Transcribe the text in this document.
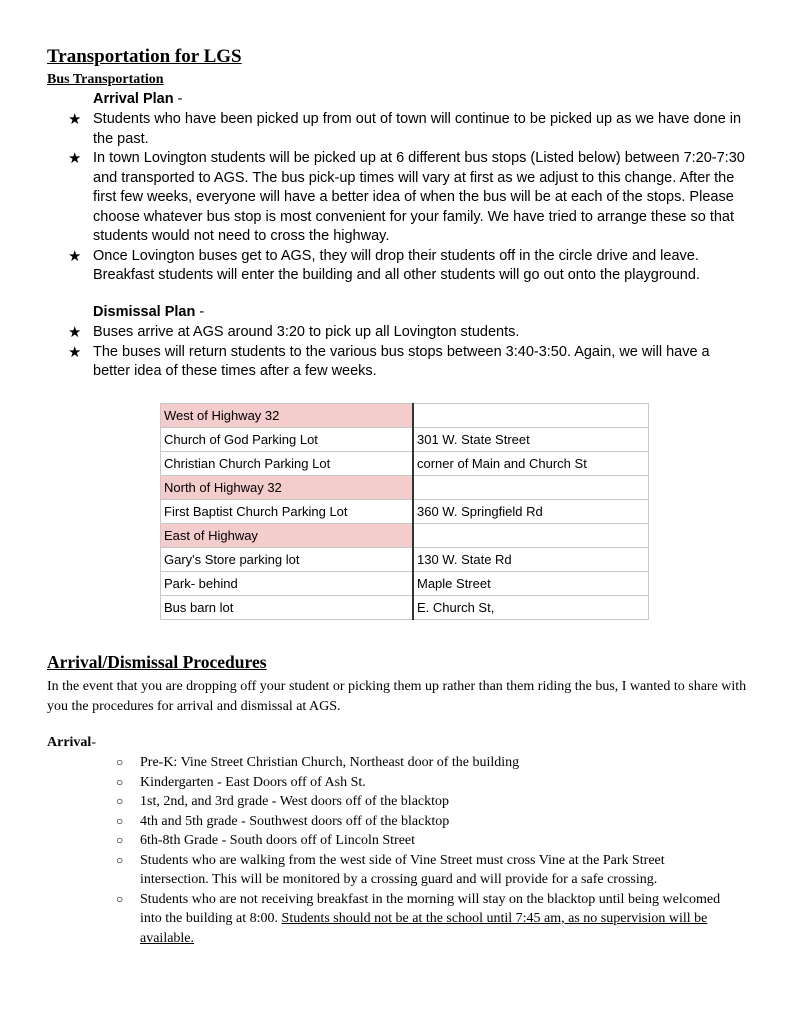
Transportation for LGS
Bus Transportation
Arrival Plan -
★ Students who have been picked up from out of town will continue to be picked up as we have done in the past.
★ In town Lovington students will be picked up at 6 different bus stops (Listed below) between 7:20-7:30 and transported to AGS. The bus pick-up times will vary at first as we adjust to this change. After the first few weeks, everyone will have a better idea of when the bus will be at each of the stops. Please choose whatever bus stop is most convenient for your family. We have tried to arrange these so that students would not need to cross the highway.
★ Once Lovington buses get to AGS, they will drop their students off in the circle drive and leave. Breakfast students will enter the building and all other students will go out onto the playground.
Dismissal Plan -
★ Buses arrive at AGS around 3:20 to pick up all Lovington students.
★ The buses will return students to the various bus stops between 3:40-3:50. Again, we will have a better idea of these times after a few weeks.
West of Highway 32	
Church of God Parking Lot	301 W. State Street
Christian Church Parking Lot	corner of Main and Church St
North of Highway 32	
First Baptist Church Parking Lot	360 W. Springfield Rd
East of Highway	
Gary's Store parking lot	130 W. State Rd
Park- behind	Maple Street
Bus barn lot	E. Church St,
Arrival/Dismissal Procedures
In the event that you are dropping off your student or picking them up rather than them riding the bus, I wanted to share with you the procedures for arrival and dismissal at AGS.
Arrival-
○ Pre-K: Vine Street Christian Church, Northeast door of the building
○ Kindergarten - East Doors off of Ash St.
○ 1st, 2nd, and 3rd grade - West doors off of the blacktop
○ 4th and 5th grade - Southwest doors off of the blacktop
○ 6th-8th Grade - South doors off of Lincoln Street
○ Students who are walking from the west side of Vine Street must cross Vine at the Park Street intersection. This will be monitored by a crossing guard and will provide for a safe crossing.
○ Students who are not receiving breakfast in the morning will stay on the blacktop until being welcomed into the building at 8:00. Students should not be at the school until 7:45 am, as no supervision will be available.
